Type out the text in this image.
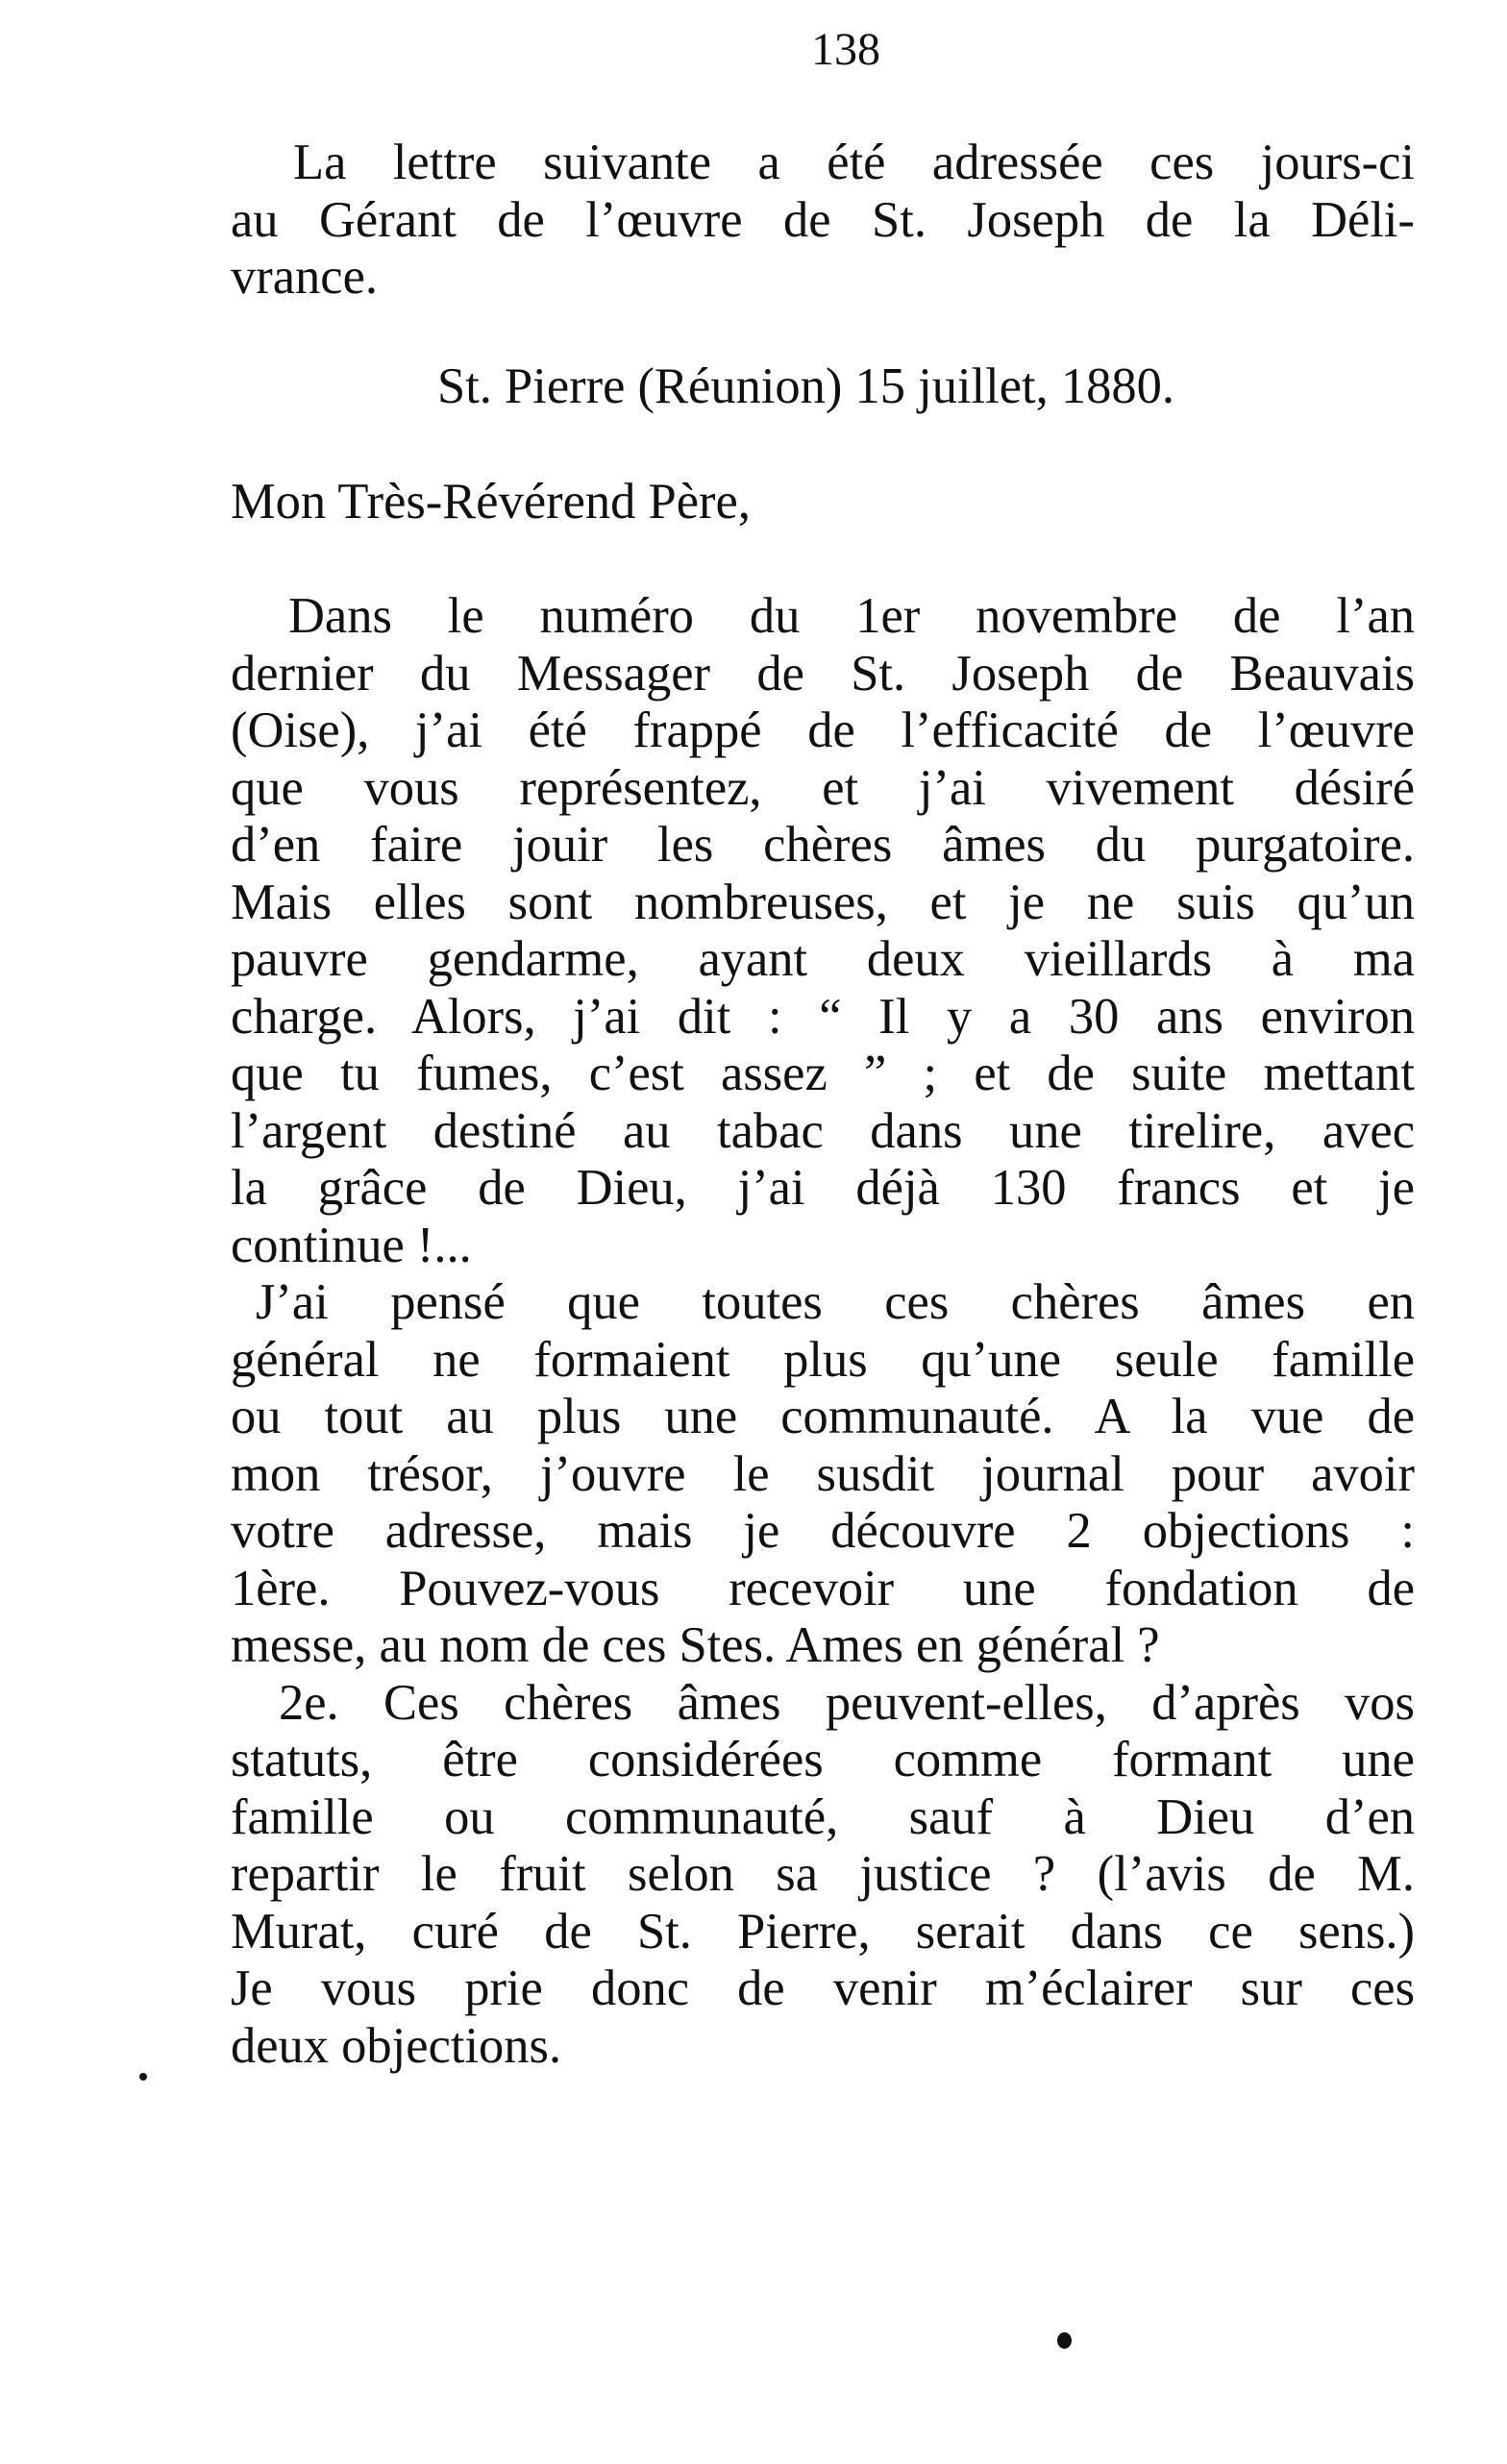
138
La lettre suivante a été adressée ces jours-ci
au Gérant de l’œuvre de St. Joseph de la Déli-
vrance.
St. Pierre (Réunion) 15 juillet, 1880.
Mon Très-Révérend Père,
Dans le numéro du 1er novembre de l’an
dernier du Messager de St. Joseph de Beauvais
(Oise), j’ai été frappé de l’efficacité de l’œuvre
que vous représentez, et j’ai vivement désiré
d’en faire jouir les chères âmes du purgatoire.
Mais elles sont nombreuses, et je ne suis qu’un
pauvre gendarme, ayant deux vieillards à ma
charge. Alors, j’ai dit : “ Il y a 30 ans environ
que tu fumes, c’est assez ” ; et de suite mettant
l’argent destiné au tabac dans une tirelire, avec
la grâce de Dieu, j’ai déjà 130 francs et je
continue !...
J’ai pensé que toutes ces chères âmes en
général ne formaient plus qu’une seule famille
ou tout au plus une communauté. A la vue de
mon trésor, j’ouvre le susdit journal pour avoir
votre adresse, mais je découvre 2 objections :
1ère. Pouvez-vous recevoir une fondation de
messe, au nom de ces Stes. Ames en général ?
2e. Ces chères âmes peuvent-elles, d’après vos
statuts, être considérées comme formant une
famille ou communauté, sauf à Dieu d’en
repartir le fruit selon sa justice ? (l’avis de M.
Murat, curé de St. Pierre, serait dans ce sens.)
Je vous prie donc de venir m’éclairer sur ces
deux objections.
